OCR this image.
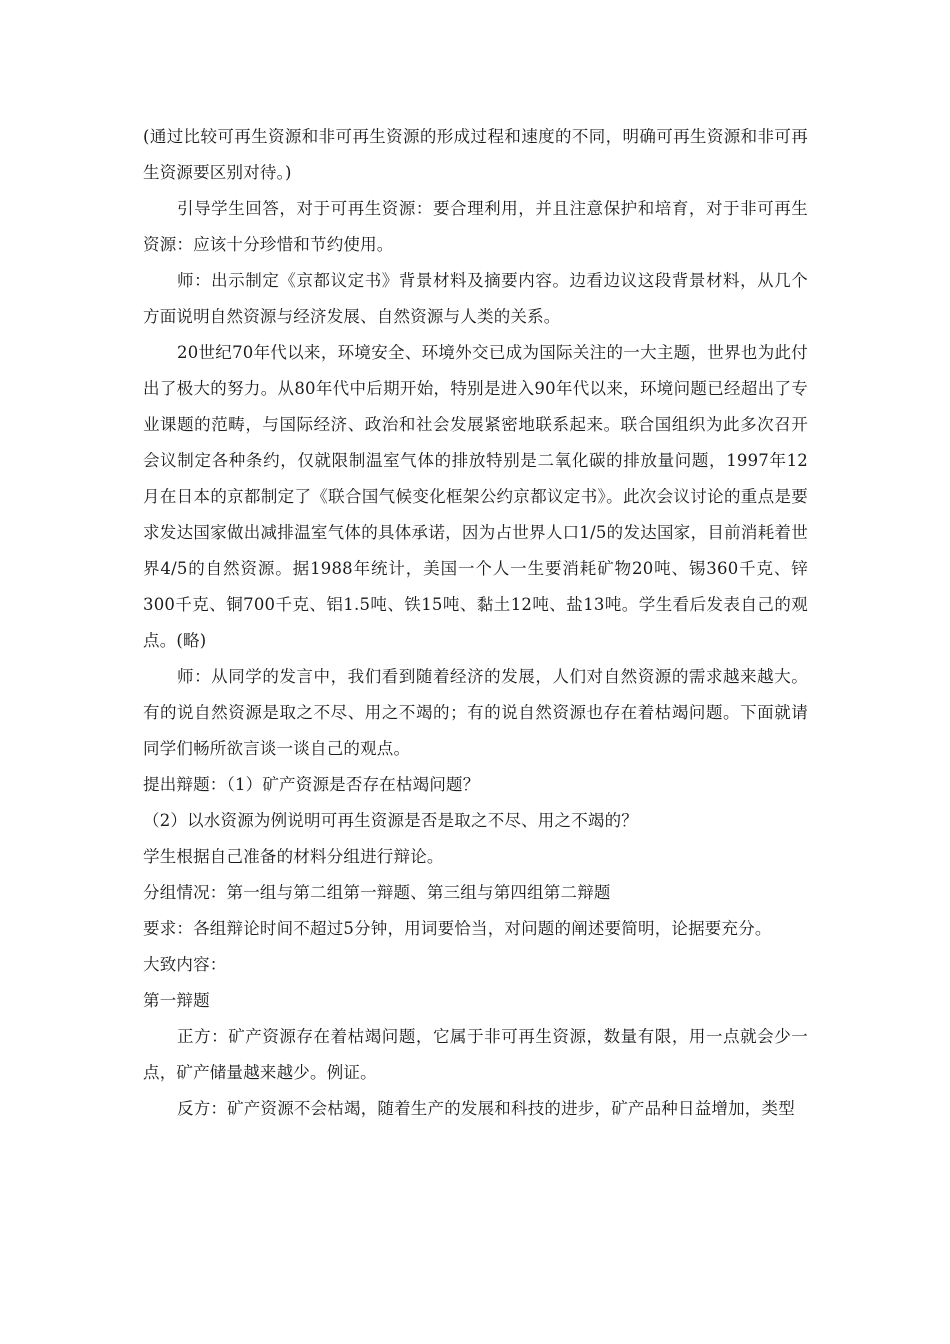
(通过比较可再生资源和非可再生资源的形成过程和速度的不同，明确可再生资源和非可再生资源要区别对待。)

引导学生回答，对于可再生资源：要合理利用，并且注意保护和培育，对于非可再生资源：应该十分珍惜和节约使用。

师：出示制定《京都议定书》背景材料及摘要内容。边看边议这段背景材料，从几个方面说明自然资源与经济发展、自然资源与人类的关系。

20世纪70年代以来，环境安全、环境外交已成为国际关注的一大主题，世界也为此付出了极大的努力。从80年代中后期开始，特别是进入90年代以来，环境问题已经超出了专业课题的范畴，与国际经济、政治和社会发展紧密地联系起来。联合国组织为此多次召开会议制定各种条约，仅就限制温室气体的排放特别是二氧化碳的排放量问题，1997年12月在日本的京都制定了《联合国气候变化框架公约京都议定书》。此次会议讨论的重点是要求发达国家做出减排温室气体的具体承诺，因为占世界人口1/5的发达国家，目前消耗着世界4/5的自然资源。据1988年统计，美国一个人一生要消耗矿物20吨、锡360千克、锌300千克、铜700千克、铝1.5吨、铁15吨、黏土12吨、盐13吨。学生看后发表自己的观点。(略)

师：从同学的发言中，我们看到随着经济的发展，人们对自然资源的需求越来越大。有的说自然资源是取之不尽、用之不竭的；有的说自然资源也存在着枯竭问题。下面就请同学们畅所欲言谈一谈自己的观点。

提出辩题：（1）矿产资源是否存在枯竭问题？

（2）以水资源为例说明可再生资源是否是取之不尽、用之不竭的？

学生根据自己准备的材料分组进行辩论。

分组情况：第一组与第二组第一辩题、第三组与第四组第二辩题

要求：各组辩论时间不超过5分钟，用词要恰当，对问题的阐述要简明，论据要充分。

大致内容：

第一辩题

正方：矿产资源存在着枯竭问题，它属于非可再生资源，数量有限，用一点就会少一点，矿产储量越来越少。例证。

反方：矿产资源不会枯竭，随着生产的发展和科技的进步，矿产品种日益增加，类型
